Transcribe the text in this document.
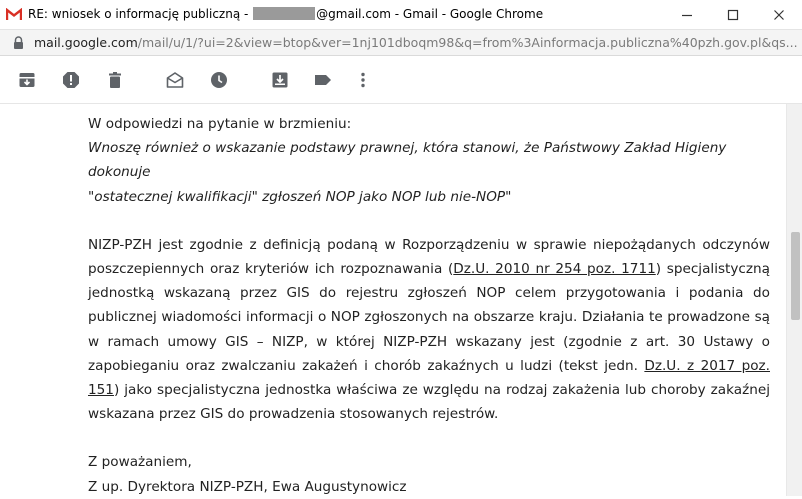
RE: wniosek o informację publiczną -	@gmail.com - Gmail - Google Chrome
mail.google.com/mail/u/1/?ui=2&view=btop&ver=1nj101dboqm98&q=from%3Ainformacja.publiczna%40pzh.gov.pl&qs...

W odpowiedzi na pytanie w brzmieniu:

Wnoszę również o wskazanie podstawy prawnej, która stanowi, że Państwowy Zakład Higieny dokonuje

"ostatecznej kwalifikacji" zgłoszeń NOP jako NOP lub nie-NOP"

NIZP-PZH jest zgodnie z definicją podaną w Rozporządzeniu w sprawie niepożądanych odczynów poszczepiennych oraz kryteriów ich rozpoznawania (Dz.U. 2010 nr 254 poz. 1711) specjalistyczną jednostką wskazaną przez GIS do rejestru zgłoszeń NOP celem przygotowania i podania do publicznej wiadomości informacji o NOP zgłoszonych na obszarze kraju. Działania te prowadzone są w ramach umowy GIS – NIZP, w której NIZP-PZH wskazany jest (zgodnie z art. 30 Ustawy o zapobieganiu oraz zwalczaniu zakażeń i chorób zakaźnych u ludzi (tekst jedn. Dz.U. z 2017 poz. 151) jako specjalistyczna jednostka właściwa ze względu na rodzaj zakażenia lub choroby zakaźnej wskazana przez GIS do prowadzenia stosowanych rejestrów.

Z poważaniem,

Z up. Dyrektora NIZP-PZH, Ewa Augustynowicz
